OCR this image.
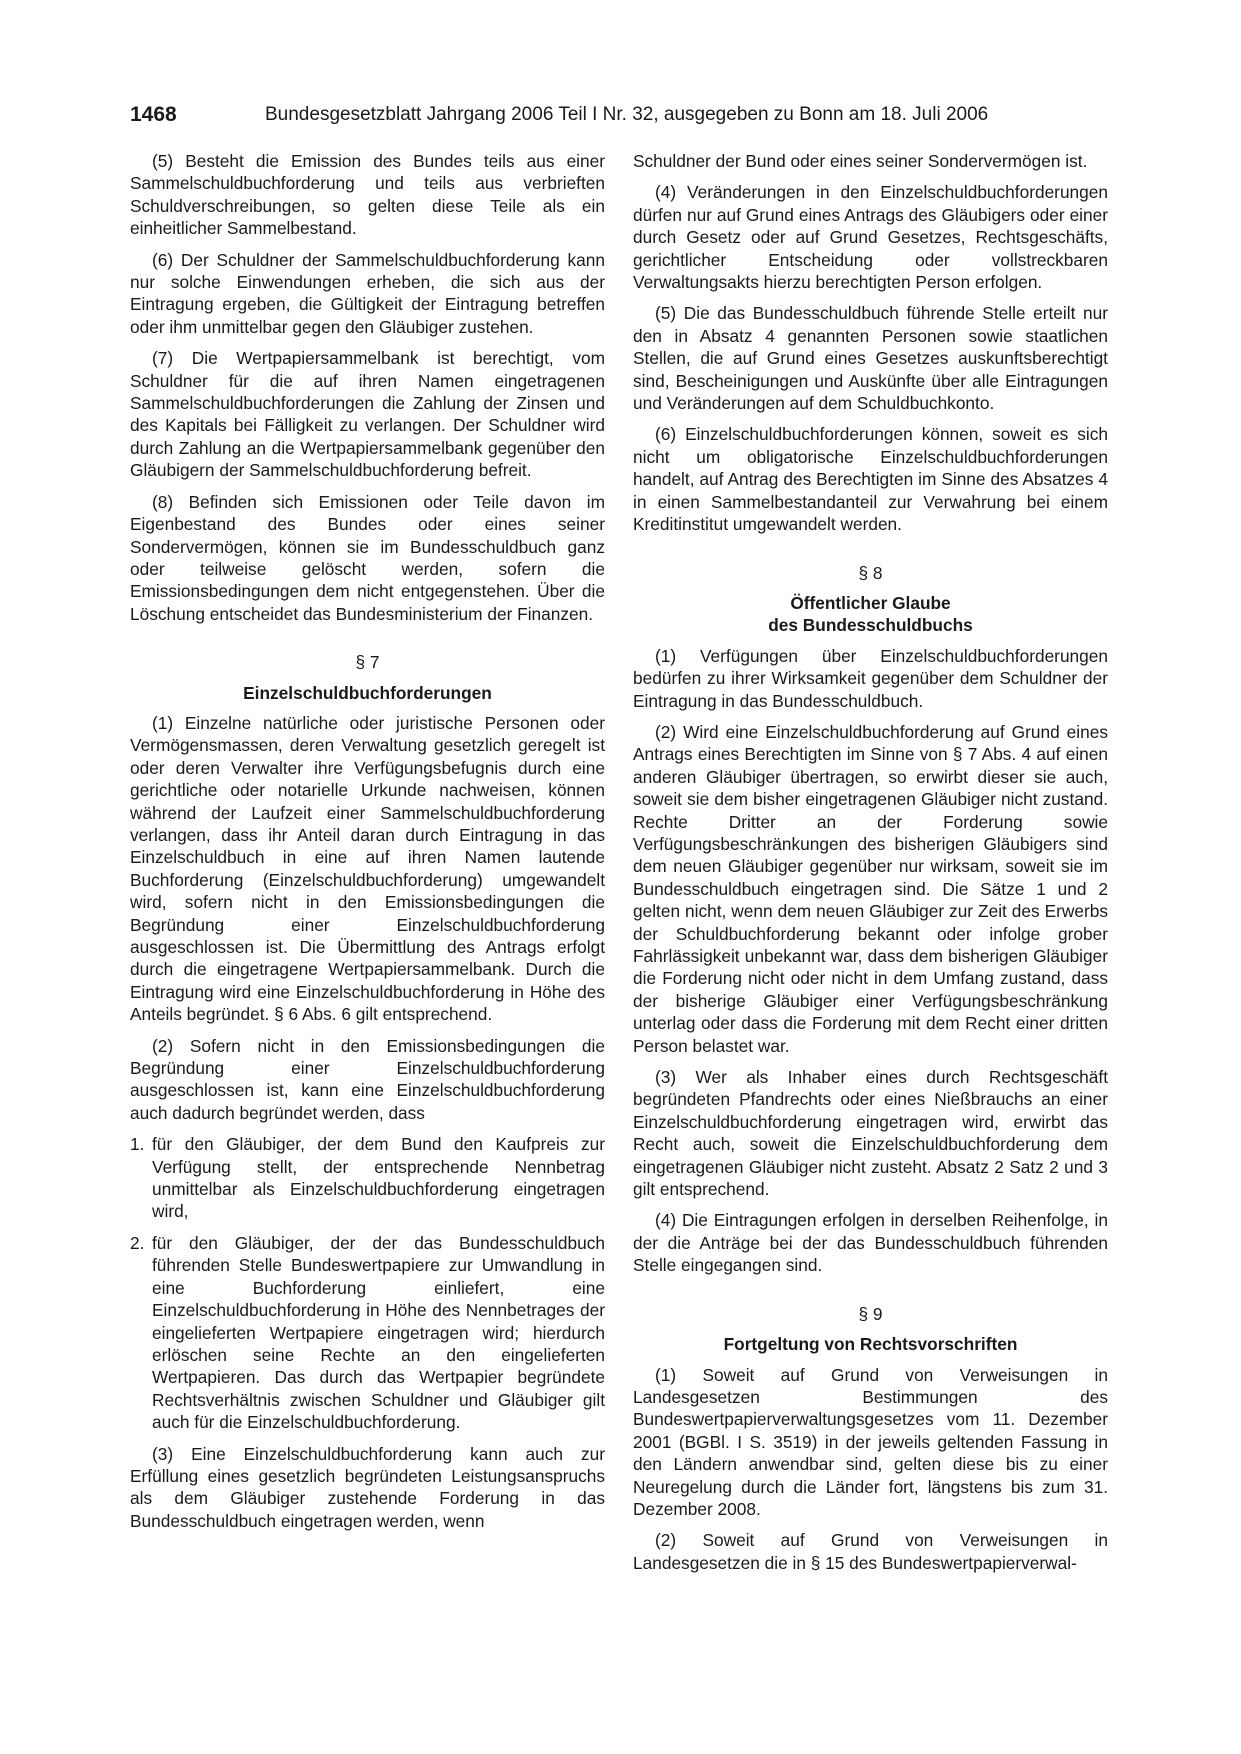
1468	Bundesgesetzblatt Jahrgang 2006 Teil I Nr. 32, ausgegeben zu Bonn am 18. Juli 2006

(5) Besteht die Emission des Bundes teils aus einer Sammelschuldbuchforderung und teils aus verbrieften Schuldverschreibungen, so gelten diese Teile als ein einheitlicher Sammelbestand.

(6) Der Schuldner der Sammelschuldbuchforderung kann nur solche Einwendungen erheben, die sich aus der Eintragung ergeben, die Gültigkeit der Eintragung betreffen oder ihm unmittelbar gegen den Gläubiger zustehen.

(7) Die Wertpapiersammelbank ist berechtigt, vom Schuldner für die auf ihren Namen eingetragenen Sammelschuldbuchforderungen die Zahlung der Zinsen und des Kapitals bei Fälligkeit zu verlangen. Der Schuldner wird durch Zahlung an die Wertpapiersammelbank gegenüber den Gläubigern der Sammelschuldbuchforderung befreit.

(8) Befinden sich Emissionen oder Teile davon im Eigenbestand des Bundes oder eines seiner Sondervermögen, können sie im Bundesschuldbuch ganz oder teilweise gelöscht werden, sofern die Emissionsbedingungen dem nicht entgegenstehen. Über die Löschung entscheidet das Bundesministerium der Finanzen.

§ 7
Einzelschuldbuchforderungen

(1) Einzelne natürliche oder juristische Personen oder Vermögensmassen, deren Verwaltung gesetzlich geregelt ist oder deren Verwalter ihre Verfügungsbefugnis durch eine gerichtliche oder notarielle Urkunde nachweisen, können während der Laufzeit einer Sammelschuldbuchforderung verlangen, dass ihr Anteil daran durch Eintragung in das Einzelschuldbuch in eine auf ihren Namen lautende Buchforderung (Einzelschuldbuchforderung) umgewandelt wird, sofern nicht in den Emissionsbedingungen die Begründung einer Einzelschuldbuchforderung ausgeschlossen ist. Die Übermittlung des Antrags erfolgt durch die eingetragene Wertpapiersammelbank. Durch die Eintragung wird eine Einzelschuldbuchforderung in Höhe des Anteils begründet. § 6 Abs. 6 gilt entsprechend.

(2) Sofern nicht in den Emissionsbedingungen die Begründung einer Einzelschuldbuchforderung ausgeschlossen ist, kann eine Einzelschuldbuchforderung auch dadurch begründet werden, dass

1. für den Gläubiger, der dem Bund den Kaufpreis zur Verfügung stellt, der entsprechende Nennbetrag unmittelbar als Einzelschuldbuchforderung eingetragen wird,
2. für den Gläubiger, der der das Bundesschuldbuch führenden Stelle Bundeswertpapiere zur Umwandlung in eine Buchforderung einliefert, eine Einzelschuldbuchforderung in Höhe des Nennbetrages der eingelieferten Wertpapiere eingetragen wird; hierdurch erlöschen seine Rechte an den eingelieferten Wertpapieren. Das durch das Wertpapier begründete Rechtsverhältnis zwischen Schuldner und Gläubiger gilt auch für die Einzelschuldbuchforderung.

(3) Eine Einzelschuldbuchforderung kann auch zur Erfüllung eines gesetzlich begründeten Leistungsanspruchs als dem Gläubiger zustehende Forderung in das Bundesschuldbuch eingetragen werden, wenn

Schuldner der Bund oder eines seiner Sondervermögen ist.

(4) Veränderungen in den Einzelschuldbuchforderungen dürfen nur auf Grund eines Antrags des Gläubigers oder einer durch Gesetz oder auf Grund Gesetzes, Rechtsgeschäfts, gerichtlicher Entscheidung oder vollstreckbaren Verwaltungsakts hierzu berechtigten Person erfolgen.

(5) Die das Bundesschuldbuch führende Stelle erteilt nur den in Absatz 4 genannten Personen sowie staatlichen Stellen, die auf Grund eines Gesetzes auskunftsberechtigt sind, Bescheinigungen und Auskünfte über alle Eintragungen und Veränderungen auf dem Schuldbuchkonto.

(6) Einzelschuldbuchforderungen können, soweit es sich nicht um obligatorische Einzelschuldbuchforderungen handelt, auf Antrag des Berechtigten im Sinne des Absatzes 4 in einen Sammelbestandanteil zur Verwahrung bei einem Kreditinstitut umgewandelt werden.

§ 8
Öffentlicher Glaube
des Bundesschuldbuchs

(1) Verfügungen über Einzelschuldbuchforderungen bedürfen zu ihrer Wirksamkeit gegenüber dem Schuldner der Eintragung in das Bundesschuldbuch.

(2) Wird eine Einzelschuldbuchforderung auf Grund eines Antrags eines Berechtigten im Sinne von § 7 Abs. 4 auf einen anderen Gläubiger übertragen, so erwirbt dieser sie auch, soweit sie dem bisher eingetragenen Gläubiger nicht zustand. Rechte Dritter an der Forderung sowie Verfügungsbeschränkungen des bisherigen Gläubigers sind dem neuen Gläubiger gegenüber nur wirksam, soweit sie im Bundesschuldbuch eingetragen sind. Die Sätze 1 und 2 gelten nicht, wenn dem neuen Gläubiger zur Zeit des Erwerbs der Schuldbuchforderung bekannt oder infolge grober Fahrlässigkeit unbekannt war, dass dem bisherigen Gläubiger die Forderung nicht oder nicht in dem Umfang zustand, dass der bisherige Gläubiger einer Verfügungsbeschränkung unterlag oder dass die Forderung mit dem Recht einer dritten Person belastet war.

(3) Wer als Inhaber eines durch Rechtsgeschäft begründeten Pfandrechts oder eines Nießbrauchs an einer Einzelschuldbuchforderung eingetragen wird, erwirbt das Recht auch, soweit die Einzelschuldbuchforderung dem eingetragenen Gläubiger nicht zusteht. Absatz 2 Satz 2 und 3 gilt entsprechend.

(4) Die Eintragungen erfolgen in derselben Reihenfolge, in der die Anträge bei der das Bundesschuldbuch führenden Stelle eingegangen sind.

§ 9
Fortgeltung von Rechtsvorschriften

(1) Soweit auf Grund von Verweisungen in Landesgesetzen Bestimmungen des Bundeswertpapierverwaltungsgesetzes vom 11. Dezember 2001 (BGBl. I S. 3519) in der jeweils geltenden Fassung in den Ländern anwendbar sind, gelten diese bis zu einer Neuregelung durch die Länder fort, längstens bis zum 31. Dezember 2008.

(2) Soweit auf Grund von Verweisungen in Landesgesetzen die in § 15 des Bundeswertpapierverwal-
